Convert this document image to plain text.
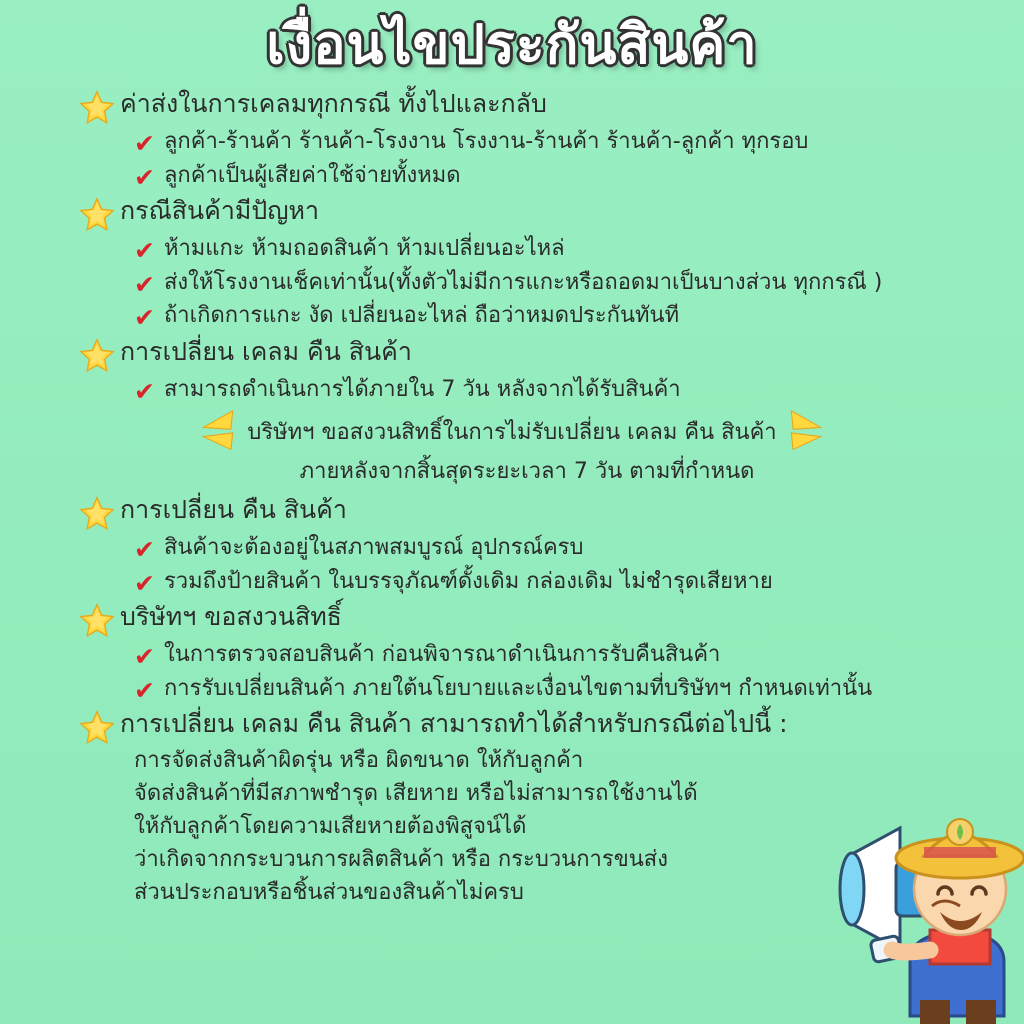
เงื่อนไขประกันสินค้า
ค่าส่งในการเคลมทุกกรณี ทั้งไปและกลับ
✔ ลูกค้า-ร้านค้า ร้านค้า-โรงงาน โรงงาน-ร้านค้า ร้านค้า-ลูกค้า ทุกรอบ
✔ ลูกค้าเป็นผู้เสียค่าใช้จ่ายทั้งหมด
กรณีสินค้ามีปัญหา
✔ ห้ามแกะ ห้ามถอดสินค้า ห้ามเปลี่ยนอะไหล่
✔ ส่งให้โรงงานเช็คเท่านั้น(ทั้งตัวไม่มีการแกะหรือถอดมาเป็นบางส่วน ทุกกรณี )
✔ ถ้าเกิดการแกะ งัด เปลี่ยนอะไหล่ ถือว่าหมดประกันทันที
การเปลี่ยน เคลม คืน สินค้า
✔ สามารถดำเนินการได้ภายใน 7 วัน หลังจากได้รับสินค้า
บริษัทฯ ขอสงวนสิทธิ์ในการไม่รับเปลี่ยน เคลม คืน สินค้า
ภายหลังจากสิ้นสุดระยะเวลา 7 วัน ตามที่กำหนด
การเปลี่ยน คืน สินค้า
✔ สินค้าจะต้องอยู่ในสภาพสมบูรณ์ อุปกรณ์ครบ
✔ รวมถึงป้ายสินค้า ในบรรจุภัณฑ์ดั้งเดิม กล่องเดิม ไม่ชำรุดเสียหาย
บริษัทฯ ขอสงวนสิทธิ์
✔ ในการตรวจสอบสินค้า ก่อนพิจารณาดำเนินการรับคืนสินค้า
✔ การรับเปลี่ยนสินค้า ภายใต้นโยบายและเงื่อนไขตามที่บริษัทฯ กำหนดเท่านั้น
การเปลี่ยน เคลม คืน สินค้า สามารถทำได้สำหรับกรณีต่อไปนี้ :
การจัดส่งสินค้าผิดรุ่น หรือ ผิดขนาด ให้กับลูกค้า
จัดส่งสินค้าที่มีสภาพชำรุด เสียหาย หรือไม่สามารถใช้งานได้
ให้กับลูกค้าโดยความเสียหายต้องพิสูจน์ได้
ว่าเกิดจากกระบวนการผลิตสินค้า หรือ กระบวนการขนส่ง
ส่วนประกอบหรือชิ้นส่วนของสินค้าไม่ครบ
